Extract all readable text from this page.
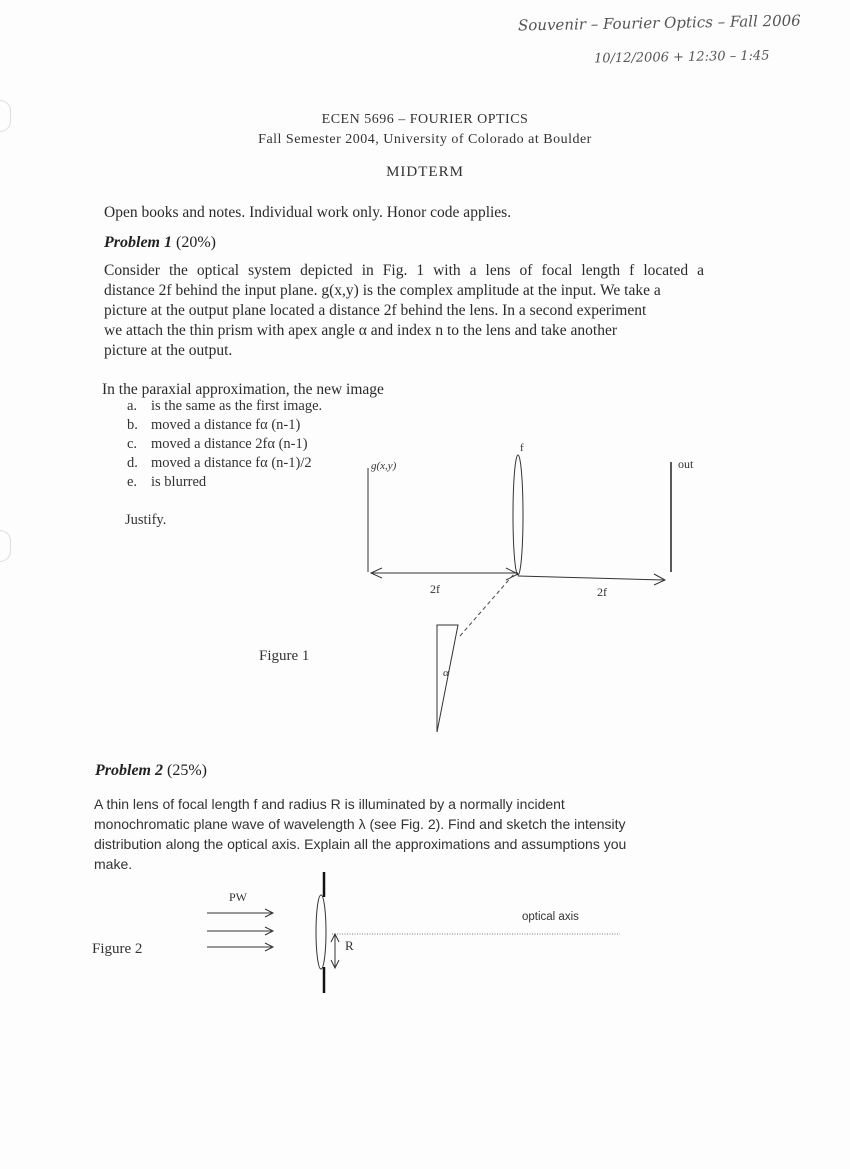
Souvenir – Fourier Optics – Fall 2006
10/12/2006 + 12:30 – 1:45
ECEN 5696 – FOURIER OPTICS
Fall Semester 2004, University of Colorado at Boulder
MIDTERM
Open books and notes. Individual work only. Honor code applies.
Problem 1 (20%)
Consider the optical system depicted in Fig. 1 with a lens of focal length f located a
distance 2f behind the input plane. g(x,y) is the complex amplitude at the input. We take a
picture at the output plane located a distance 2f behind the lens. In a second experiment
we attach the thin prism with apex angle α and index n to the lens and take another
picture at the output.
In the paraxial approximation, the new image
a. is the same as the first image.
b. moved a distance fα (n-1)
c. moved a distance 2fα (n-1)
d. moved a distance fα (n-1)/2
e. is blurred
Justify.
g(x,y)
f
out
2f	2f
α
Figure 1
Problem 2 (25%)
A thin lens of focal length f and radius R is illuminated by a normally incident
monochromatic plane wave of wavelength λ (see Fig. 2). Find and sketch the intensity
distribution along the optical axis. Explain all the approximations and assumptions you
make.
PW
optical axis
R
Figure 2
